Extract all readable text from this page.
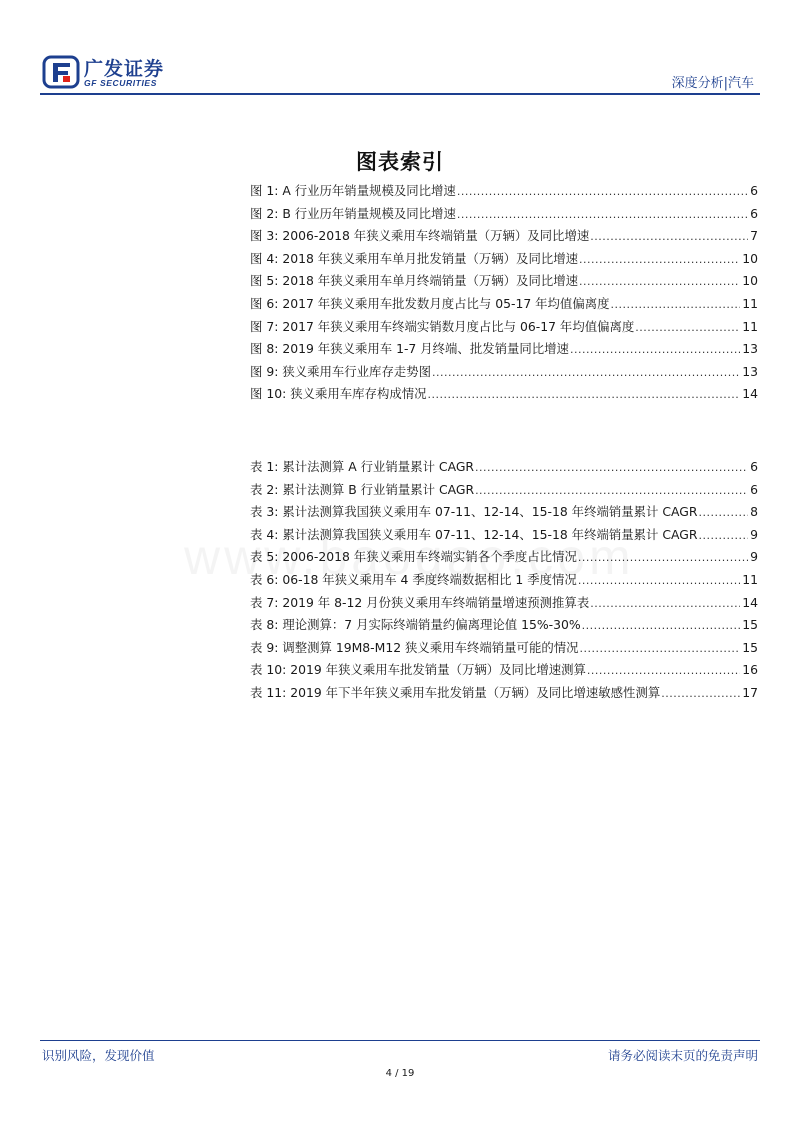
广发证券
GF SECURITIES	深度分析|汽车
图表索引
图 1: A 行业历年销量规模及同比增速 .....	6
图 2: B 行业历年销量规模及同比增速 .....	6
图 3: 2006-2018 年狭义乘用车终端销量（万辆）及同比增速 .....	7
图 4: 2018 年狭义乘用车单月批发销量（万辆）及同比增速 .....	10
图 5: 2018 年狭义乘用车单月终端销量（万辆）及同比增速 .....	10
图 6: 2017 年狭义乘用车批发数月度占比与 05-17 年均值偏离度 .....	11
图 7: 2017 年狭义乘用车终端实销数月度占比与 06-17 年均值偏离度 .....	11
图 8: 2019 年狭义乘用车 1-7 月终端、批发销量同比增速 .....	13
图 9: 狭义乘用车行业库存走势图 .....	13
图 10: 狭义乘用车库存构成情况 .....	14
表 1: 累计法测算 A 行业销量累计 CAGR .....	6
表 2: 累计法测算 B 行业销量累计 CAGR .....	6
表 3: 累计法测算我国狭义乘用车 07-11、12-14、15-18 年终端销量累计 CAGR .....	8
表 4: 累计法测算我国狭义乘用车 07-11、12-14、15-18 年终端销量累计 CAGR .....	9
表 5: 2006-2018 年狭义乘用车终端实销各个季度占比情况 .....	9
表 6: 06-18 年狭义乘用车 4 季度终端数据相比 1 季度情况 .....	11
表 7: 2019 年 8-12 月份狭义乘用车终端销量增速预测推算表 .....	14
表 8: 理论测算：7 月实际终端销量约偏离理论值 15%-30% .....	15
表 9: 调整测算 19M8-M12 狭义乘用车终端销量可能的情况 .....	15
表 10: 2019 年狭义乘用车批发销量（万辆）及同比增速测算 .....	16
表 11: 2019 年下半年狭义乘用车批发销量（万辆）及同比增速敏感性测算 .....	17
识别风险，发现价值	请务必阅读末页的免责声明
4 / 19
